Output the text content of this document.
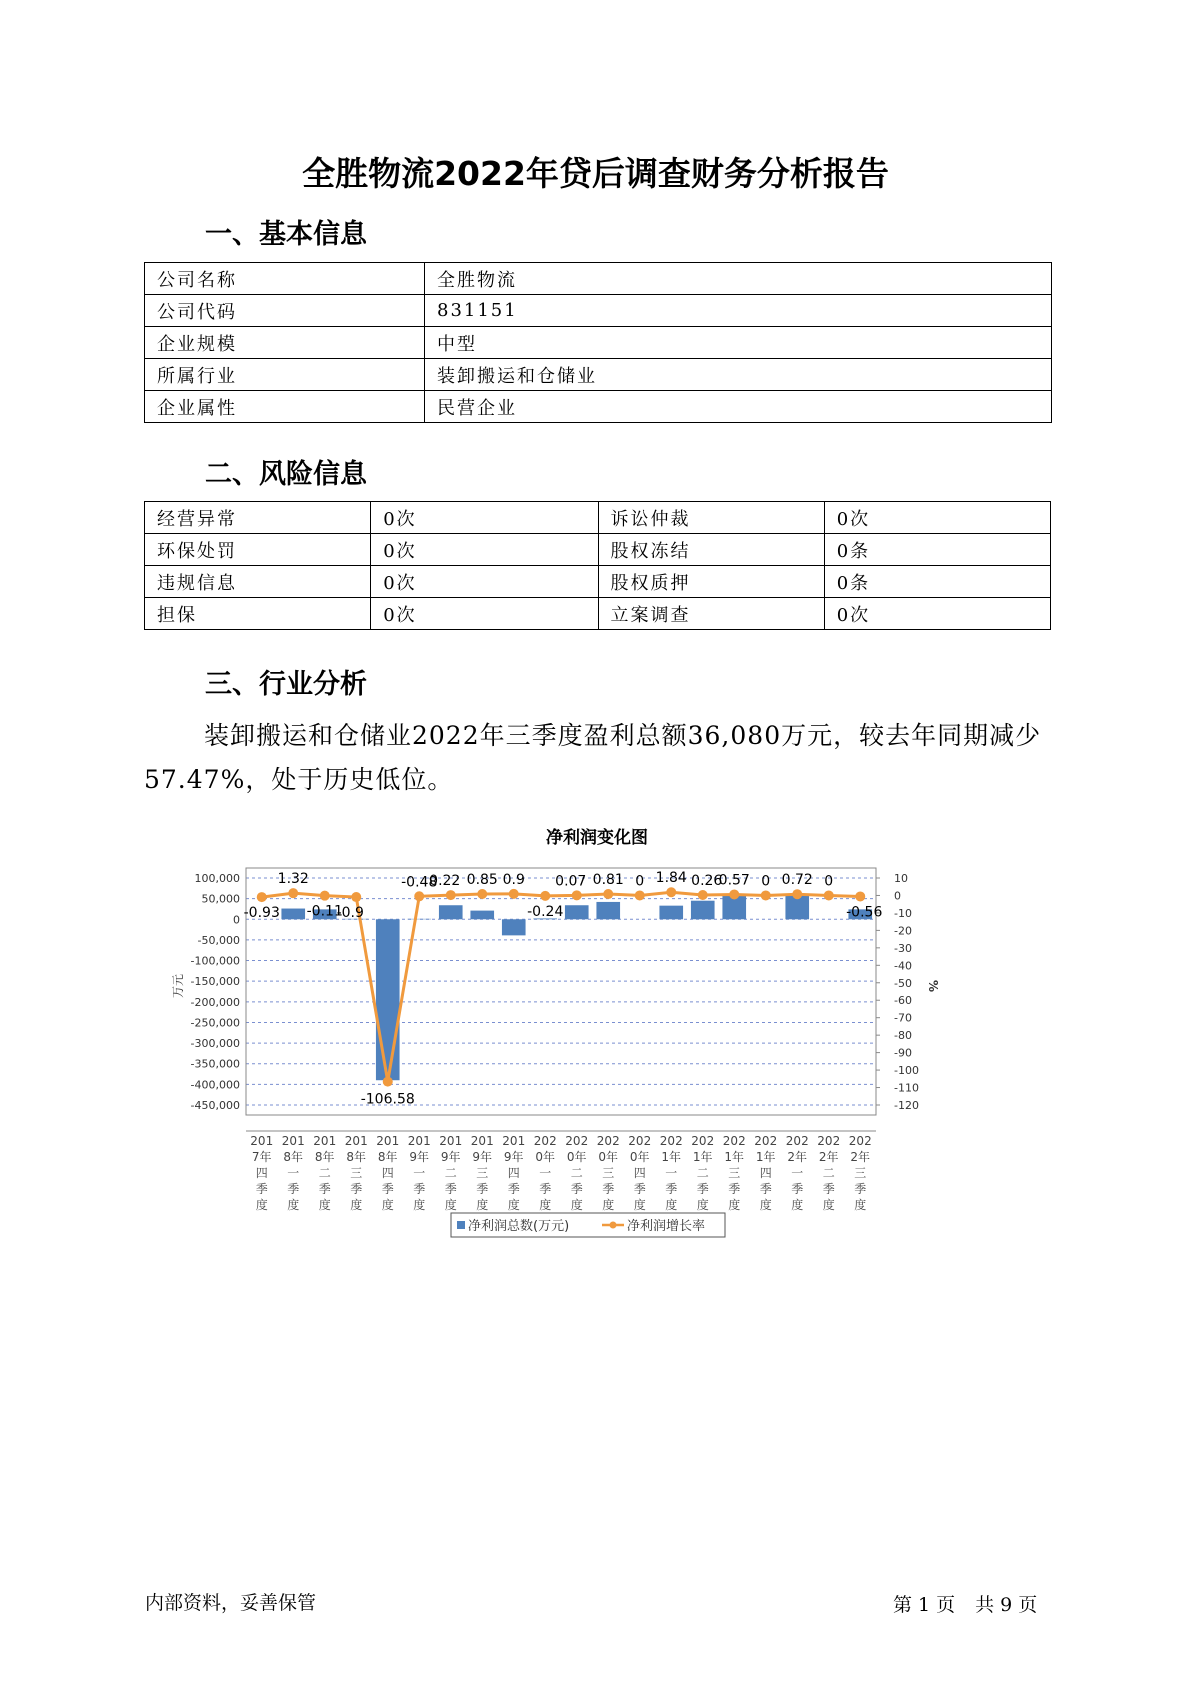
全胜物流2022年贷后调查财务分析报告
一、基本信息
公司名称	全胜物流
公司代码	831151
企业规模	中型
所属行业	装卸搬运和仓储业
企业属性	民营企业
二、风险信息
经营异常	0次	诉讼仲裁	0次
环保处罚	0次	股权冻结	0条
违规信息	0次	股权质押	0条
担保	0次	立案调查	0次
三、行业分析
装卸搬运和仓储业2022年三季度盈利总额36,080万元，较去年同期减少57.47%，处于历史低位。
净利润变化图
100,000
50,000
0
-50,000
-100,000
-150,000
-200,000
-250,000
-300,000
-350,000
-400,000
-450,000
10
0
-10
-20
-30
-40
-50
-60
-70
-80
-90
-100
-110
-120
201
7年
四
季
度
201
8年
一
季
度
201
8年
二
季
度
201
8年
三
季
度
201
8年
四
季
度
201
9年
一
季
度
201
9年
二
季
度
201
9年
三
季
度
201
9年
四
季
度
202
0年
一
季
度
202
0年
二
季
度
202
0年
三
季
度
202
0年
四
季
度
202
1年
一
季
度
202
1年
二
季
度
202
1年
三
季
度
202
1年
四
季
度
202
2年
一
季
度
202
2年
二
季
度
202
2年
三
季
度
-0.93
1.32
-0.11
-0.9
-106.58
-0.48
0.22 0.85 0.9
-0.24
0.07 0.81 0 1.84 0.26
0.57 0 0.72 0
-0.56
万元	%
净利润总数(万元)	净利润增长率
内部资料，妥善保管	第 1 页 共 9 页
